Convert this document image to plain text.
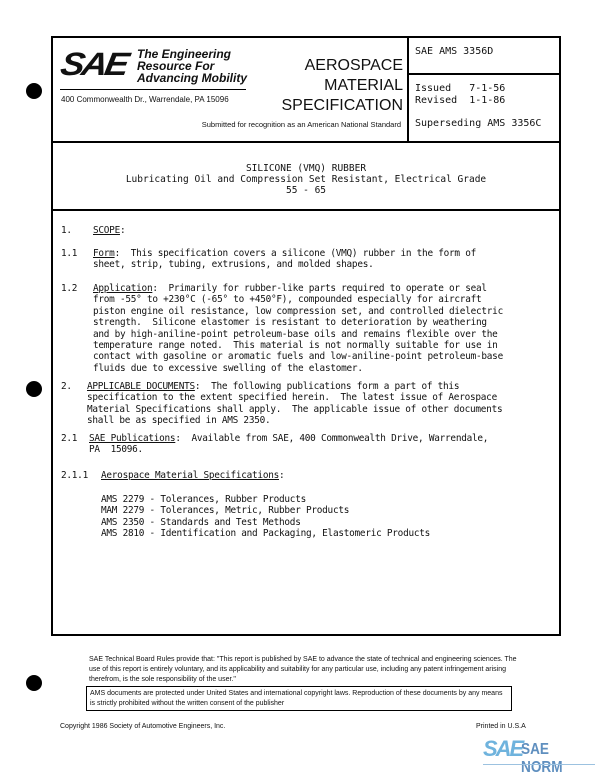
SAE The Engineering
Resource For
Advancing Mobility
400 Commonwealth Dr., Warrendale, PA 15096
AEROSPACE
MATERIAL
SPECIFICATION
Submitted for recognition as an American National Standard
SAE AMS 3356D
Issued 7-1-56
Revised 1-1-86
Superseding AMS 3356C
SILICONE (VMQ) RUBBER
Lubricating Oil and Compression Set Resistant, Electrical Grade
55 - 65
1. SCOPE:
1.1 Form:  This specification covers a silicone (VMQ) rubber in the form of
sheet, strip, tubing, extrusions, and molded shapes.
1.2 Application:  Primarily for rubber-like parts required to operate or seal
from -55° to +230°C (-65° to +450°F), compounded especially for aircraft
piston engine oil resistance, low compression set, and controlled dielectric
strength.  Silicone elastomer is resistant to deterioration by weathering
and by high-aniline-point petroleum-base oils and remains flexible over the
temperature range noted.  This material is not normally suitable for use in
contact with gasoline or aromatic fuels and low-aniline-point petroleum-base
fluids due to excessive swelling of the elastomer.
2. APPLICABLE DOCUMENTS:  The following publications form a part of this
specification to the extent specified herein.  The latest issue of Aerospace
Material Specifications shall apply.  The applicable issue of other documents
shall be as specified in AMS 2350.
2.1 SAE Publications:  Available from SAE, 400 Commonwealth Drive, Warrendale,
PA  15096.
2.1.1 Aerospace Material Specifications:
AMS 2279 - Tolerances, Rubber Products
MAM 2279 - Tolerances, Metric, Rubber Products
AMS 2350 - Standards and Test Methods
AMS 2810 - Identification and Packaging, Elastomeric Products
SAE Technical Board Rules provide that: "This report is published by SAE to advance the state of technical and engineering sciences. The use of this report is entirely voluntary, and its applicability and suitability for any particular use, including any patent infringement arising therefrom, is the sole responsibility of the user."
AMS documents are protected under United States and international copyright laws. Reproduction of these documents by any means is strictly prohibited without the written consent of the publisher
Copyright 1986 Society of Automotive Engineers, Inc.	Printed in U.S.A
SAE
SAE NORM
